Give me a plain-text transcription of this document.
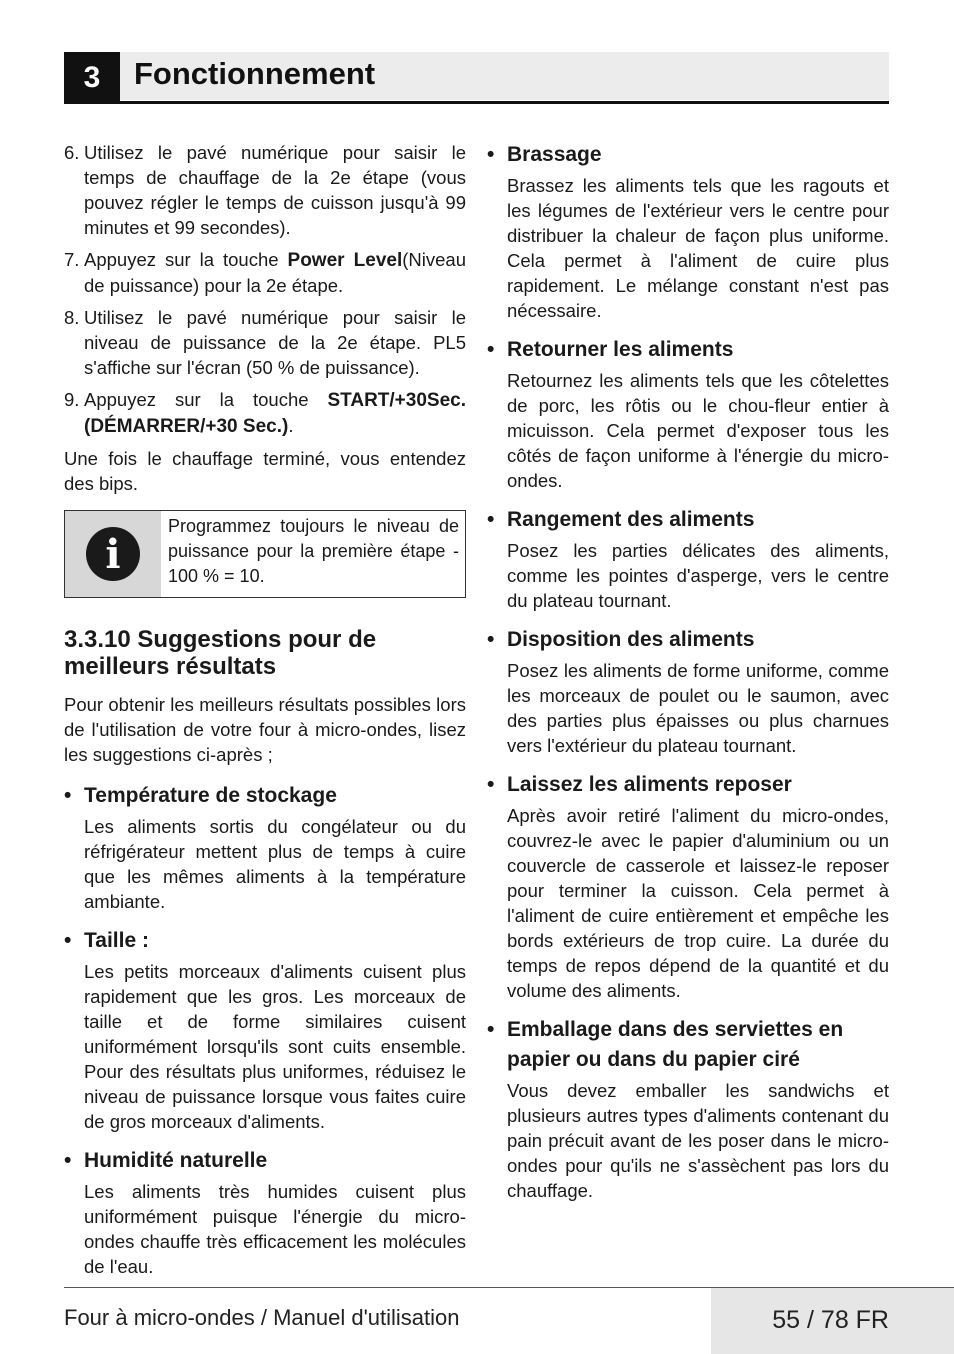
3	Fonctionnement
6. Utilisez le pavé numérique pour saisir le temps de chauffage de la 2e étape (vous pouvez régler le temps de cuisson jusqu'à 99 minutes et 99 secondes).
7. Appuyez sur la touche Power Level(Niveau de puissance) pour la 2e étape.
8. Utilisez le pavé numérique pour saisir le niveau de puissance de la 2e étape. PL5 s'affiche sur l'écran (50 % de puissance).
9. Appuyez sur la touche START/+30Sec. (DÉMARRER/+30 Sec.).

Une fois le chauffage terminé, vous entendez des bips.

i
Programmez toujours le niveau de puissance pour la première étape - 100 % = 10.
3.3.10 Suggestions pour de meilleurs résultats

Pour obtenir les meilleurs résultats possibles lors de l'utilisation de votre four à micro-ondes, lisez les suggestions ci-après ;

• Température de stockage
Les aliments sortis du congélateur ou du réfrigérateur mettent plus de temps à cuire que les mêmes aliments à la température ambiante.
• Taille :
Les petits morceaux d'aliments cuisent plus rapidement que les gros. Les morceaux de taille et de forme similaires cuisent uniformément lorsqu'ils sont cuits ensemble. Pour des résultats plus uniformes, réduisez le niveau de puissance lorsque vous faites cuire de gros morceaux d'aliments.
• Humidité naturelle
Les aliments très humides cuisent plus uniformément puisque l'énergie du micro-ondes chauffe très efficacement les molécules de l'eau.
• Brassage
Brassez les aliments tels que les ragouts et les légumes de l'extérieur vers le centre pour distribuer la chaleur de façon plus uniforme. Cela permet à l'aliment de cuire plus rapidement. Le mélange constant n'est pas nécessaire.
• Retourner les aliments
Retournez les aliments tels que les côtelettes de porc, les rôtis ou le chou-fleur entier à micuisson. Cela permet d'exposer tous les côtés de façon uniforme à l'énergie du micro-ondes.
• Rangement des aliments
Posez les parties délicates des aliments, comme les pointes d'asperge, vers le centre du plateau tournant.
• Disposition des aliments
Posez les aliments de forme uniforme, comme les morceaux de poulet ou le saumon, avec des parties plus épaisses ou plus charnues vers l'extérieur du plateau tournant.
• Laissez les aliments reposer
Après avoir retiré l'aliment du micro-ondes, couvrez-le avec le papier d'aluminium ou un couvercle de casserole et laissez-le reposer pour terminer la cuisson. Cela permet à l'aliment de cuire entièrement et empêche les bords extérieurs de trop cuire. La durée du temps de repos dépend de la quantité et du volume des aliments.
• Emballage dans des serviettes en papier ou dans du papier ciré
Vous devez emballer les sandwichs et plusieurs autres types d'aliments contenant du pain précuit avant de les poser dans le micro-ondes pour qu'ils ne s'assèchent pas lors du chauffage.
Four à micro-ondes / Manuel d'utilisation	55 / 78 FR
